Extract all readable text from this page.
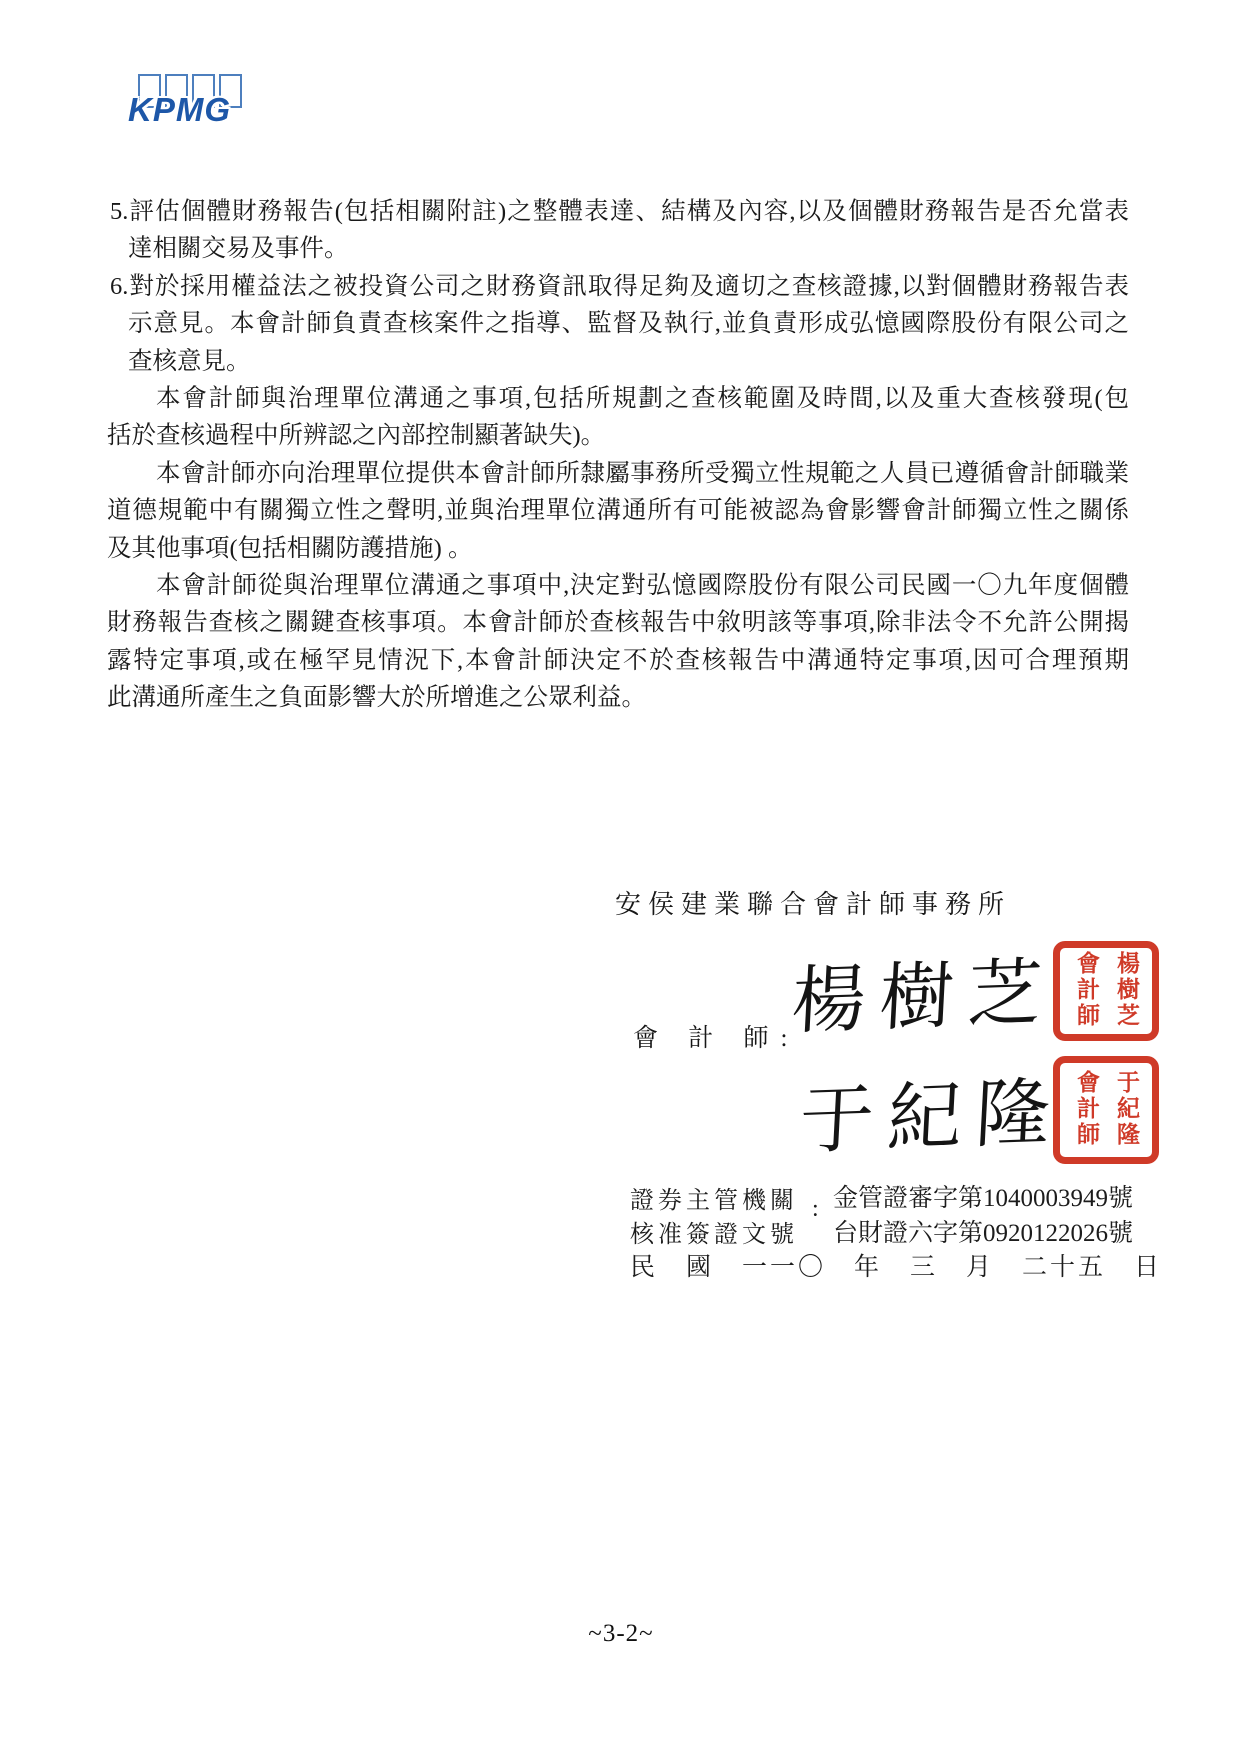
KPMG
5.評估個體財務報告(包括相關附註)之整體表達、結構及內容,以及個體財務報告是否允當表
達相關交易及事件。
6.對於採用權益法之被投資公司之財務資訊取得足夠及適切之查核證據,以對個體財務報告表
示意見。本會計師負責查核案件之指導、監督及執行,並負責形成弘憶國際股份有限公司之
查核意見。
本會計師與治理單位溝通之事項,包括所規劃之查核範圍及時間,以及重大查核發現(包
括於查核過程中所辨認之內部控制顯著缺失)。
本會計師亦向治理單位提供本會計師所隸屬事務所受獨立性規範之人員已遵循會計師職業
道德規範中有關獨立性之聲明,並與治理單位溝通所有可能被認為會影響會計師獨立性之關係
及其他事項(包括相關防護措施) 。
本會計師從與治理單位溝通之事項中,決定對弘憶國際股份有限公司民國一〇九年度個體
財務報告查核之關鍵查核事項。本會計師於查核報告中敘明該等事項,除非法令不允許公開揭
露特定事項,或在極罕見情況下,本會計師決定不於查核報告中溝通特定事項,因可合理預期
此溝通所產生之負面影響大於所增進之公眾利益。
安侯建業聯合會計師事務所
會 計 師:
楊樹芝
于紀隆
楊樹芝會計師
于紀隆會計師
證券主管機關
核准簽證文號
: 金管證審字第1040003949號
台財證六字第0920122026號
民　國　一一〇　年　三　月　二十五　日
~3-2~
